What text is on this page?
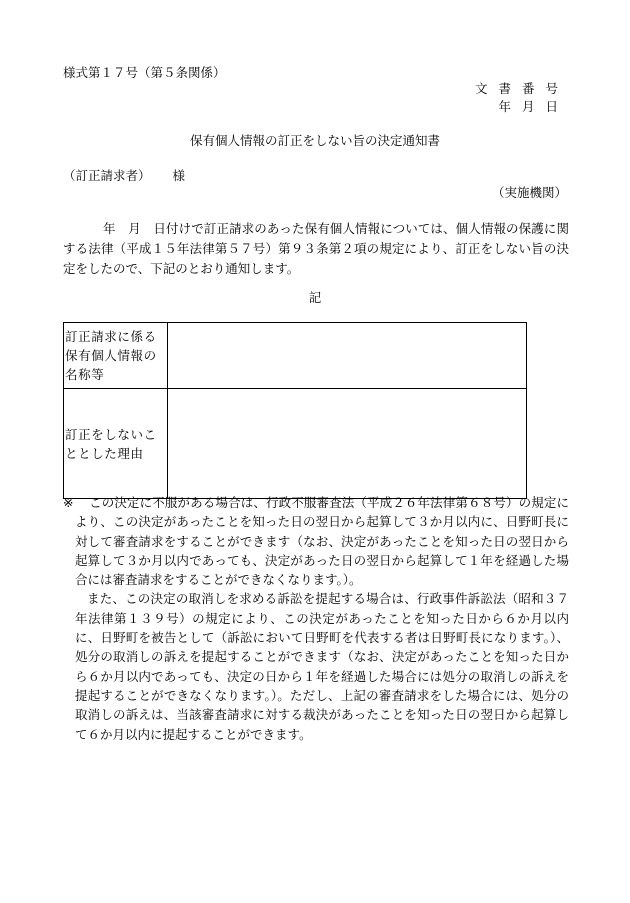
様式第１７号（第５条関係）
文書番号
年月日
保有個人情報の訂正をしない旨の決定通知書
（訂正請求者） 様
（実施機関）
年　月　日付けで訂正請求のあった保有個人情報については、個人情報の保護に関する法律（平成１５年法律第５７号）第９３条第２項の規定により、訂正をしない旨の決定をしたので、下記のとおり通知します。
記
訂正請求に係る保有個人情報の名称等	
訂正をしないこととした理由	
※ この決定に不服がある場合は、行政不服審査法（平成２６年法律第６８号）の規定により、この決定があったことを知った日の翌日から起算して３か月以内に、日野町長に対して審査請求をすることができます（なお、決定があったことを知った日の翌日から起算して３か月以内であっても、決定があった日の翌日から起算して１年を経過した場合には審査請求をすることができなくなります。）。
また、この決定の取消しを求める訴訟を提起する場合は、行政事件訴訟法（昭和３７年法律第１３９号）の規定により、この決定があったことを知った日から６か月以内に、日野町を被告として（訴訟において日野町を代表する者は日野町長になります。）、処分の取消しの訴えを提起することができます（なお、決定があったことを知った日から６か月以内であっても、決定の日から１年を経過した場合には処分の取消しの訴えを提起することができなくなります。）。ただし、上記の審査請求をした場合には、処分の取消しの訴えは、当該審査請求に対する裁決があったことを知った日の翌日から起算して６か月以内に提起することができます。
